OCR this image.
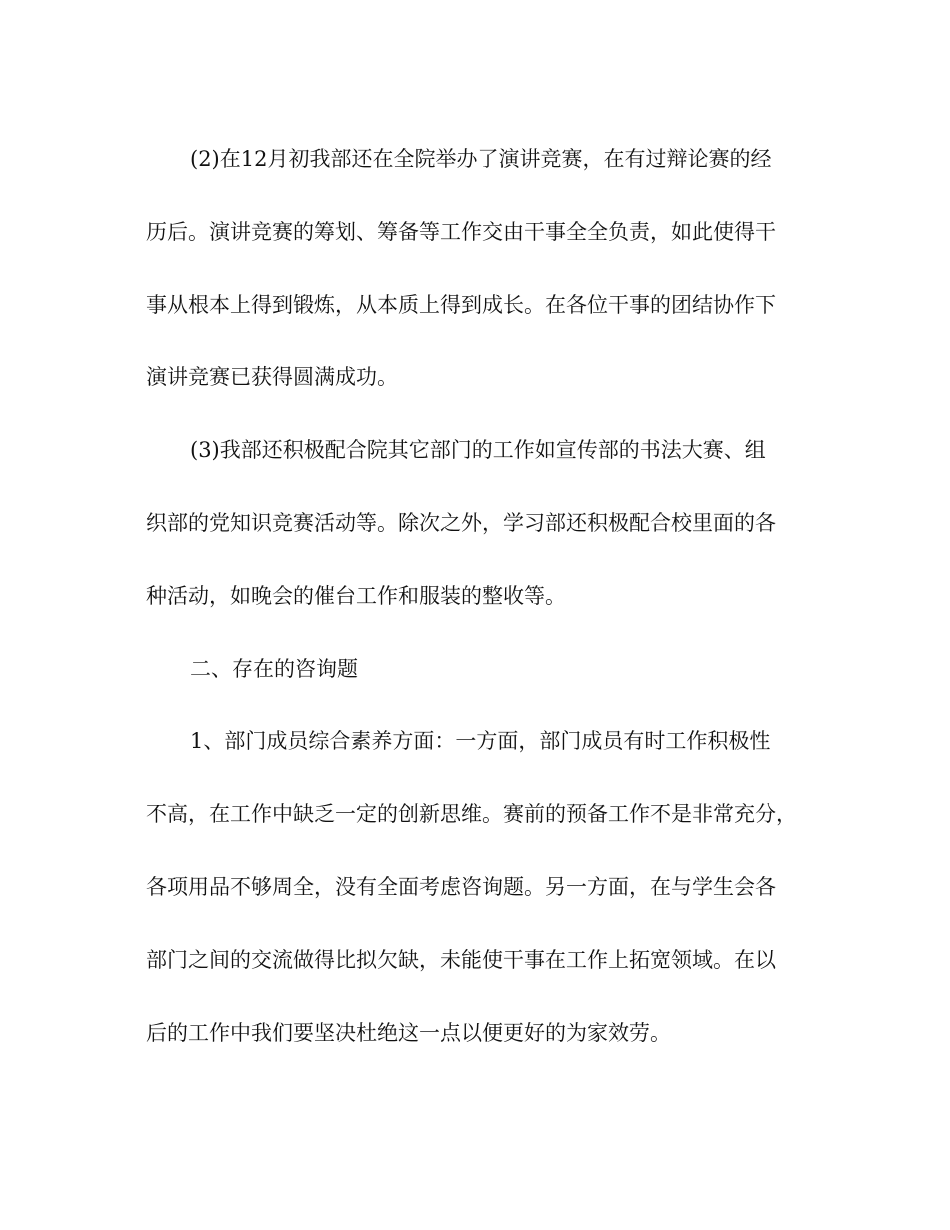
(2)在12月初我部还在全院举办了演讲竞赛，在有过辩论赛的经
历后。演讲竞赛的筹划、筹备等工作交由干事全全负责，如此使得干
事从根本上得到锻炼，从本质上得到成长。在各位干事的团结协作下
演讲竞赛已获得圆满成功。
(3)我部还积极配合院其它部门的工作如宣传部的书法大赛、组
织部的党知识竞赛活动等。除次之外，学习部还积极配合校里面的各
种活动，如晚会的催台工作和服装的整收等。
二、存在的咨询题
1、部门成员综合素养方面：一方面，部门成员有时工作积极性
不高，在工作中缺乏一定的创新思维。赛前的预备工作不是非常充分，
各项用品不够周全，没有全面考虑咨询题。另一方面，在与学生会各
部门之间的交流做得比拟欠缺，未能使干事在工作上拓宽领域。在以
后的工作中我们要坚决杜绝这一点以便更好的为家效劳。
